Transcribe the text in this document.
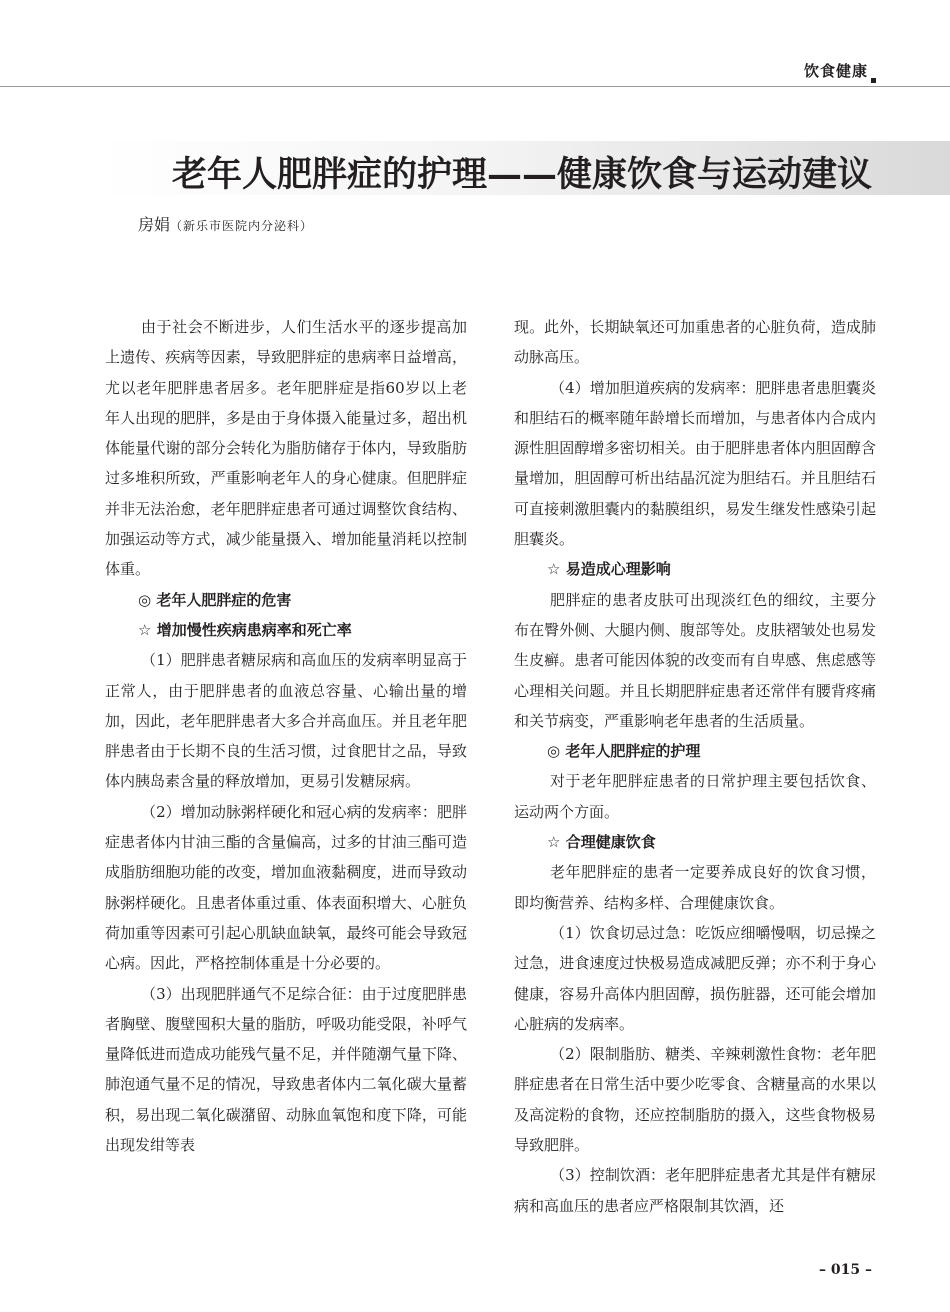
饮食健康
老年人肥胖症的护理——健康饮食与运动建议
房娟（新乐市医院内分泌科）

由于社会不断进步，人们生活水平的逐步提高加上遗传、疾病等因素，导致肥胖症的患病率日益增高，尤以老年肥胖患者居多。老年肥胖症是指60岁以上老年人出现的肥胖，多是由于身体摄入能量过多，超出机体能量代谢的部分会转化为脂肪储存于体内，导致脂肪过多堆积所致，严重影响老年人的身心健康。但肥胖症并非无法治愈，老年肥胖症患者可通过调整饮食结构、加强运动等方式，减少能量摄入、增加能量消耗以控制体重。

◎ 老年人肥胖症的危害

☆ 增加慢性疾病患病率和死亡率

（1）肥胖患者糖尿病和高血压的发病率明显高于正常人，由于肥胖患者的血液总容量、心输出量的增加，因此，老年肥胖患者大多合并高血压。并且老年肥胖患者由于长期不良的生活习惯，过食肥甘之品，导致体内胰岛素含量的释放增加，更易引发糖尿病。

（2）增加动脉粥样硬化和冠心病的发病率：肥胖症患者体内甘油三酯的含量偏高，过多的甘油三酯可造成脂肪细胞功能的改变，增加血液黏稠度，进而导致动脉粥样硬化。且患者体重过重、体表面积增大、心脏负荷加重等因素可引起心肌缺血缺氧，最终可能会导致冠心病。因此，严格控制体重是十分必要的。

（3）出现肥胖通气不足综合征：由于过度肥胖患者胸壁、腹壁囤积大量的脂肪，呼吸功能受限，补呼气量降低进而造成功能残气量不足，并伴随潮气量下降、肺泡通气量不足的情况，导致患者体内二氧化碳大量蓄积，易出现二氧化碳潴留、动脉血氧饱和度下降，可能出现发绀等表

现。此外，长期缺氧还可加重患者的心脏负荷，造成肺动脉高压。

（4）增加胆道疾病的发病率：肥胖患者患胆囊炎和胆结石的概率随年龄增长而增加，与患者体内合成内源性胆固醇增多密切相关。由于肥胖患者体内胆固醇含量增加，胆固醇可析出结晶沉淀为胆结石。并且胆结石可直接刺激胆囊内的黏膜组织，易发生继发性感染引起胆囊炎。

☆ 易造成心理影响

肥胖症的患者皮肤可出现淡红色的细纹，主要分布在臀外侧、大腿内侧、腹部等处。皮肤褶皱处也易发生皮癣。患者可能因体貌的改变而有自卑感、焦虑感等心理相关问题。并且长期肥胖症患者还常伴有腰背疼痛和关节病变，严重影响老年患者的生活质量。

◎ 老年人肥胖症的护理

对于老年肥胖症患者的日常护理主要包括饮食、运动两个方面。

☆ 合理健康饮食

老年肥胖症的患者一定要养成良好的饮食习惯，即均衡营养、结构多样、合理健康饮食。

（1）饮食切忌过急：吃饭应细嚼慢咽，切忌操之过急，进食速度过快极易造成减肥反弹；亦不利于身心健康，容易升高体内胆固醇，损伤脏器，还可能会增加心脏病的发病率。

（2）限制脂肪、糖类、辛辣刺激性食物：老年肥胖症患者在日常生活中要少吃零食、含糖量高的水果以及高淀粉的食物，还应控制脂肪的摄入，这些食物极易导致肥胖。

（3）控制饮酒：老年肥胖症患者尤其是伴有糖尿病和高血压的患者应严格限制其饮酒，还

– 015 –
